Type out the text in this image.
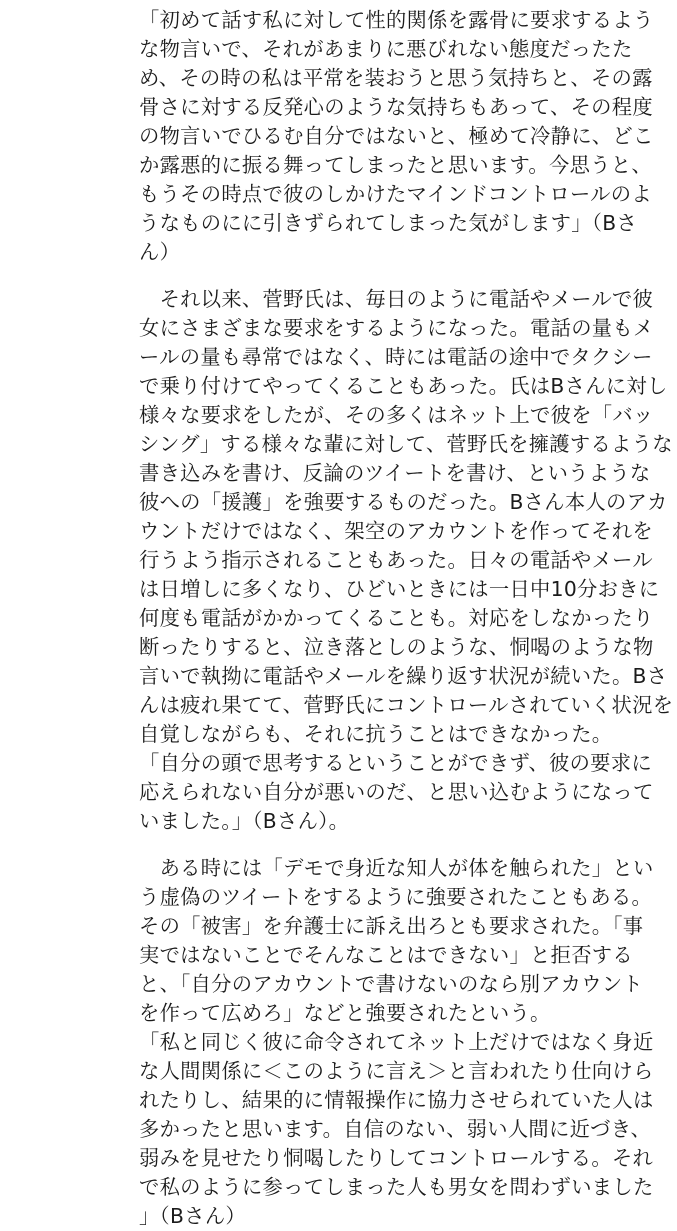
「初めて話す私に対して性的関係を露骨に要求するよう
な物言いで、それがあまりに悪びれない態度だったた
め、その時の私は平常を装おうと思う気持ちと、その露
骨さに対する反発心のような気持ちもあって、その程度
の物言いでひるむ自分ではないと、極めて冷静に、どこ
か露悪的に振る舞ってしまったと思います。今思うと、
もうその時点で彼のしかけたマインドコントロールのよ
うなものにに引きずられてしまった気がします」（Bさ
ん）
　それ以来、菅野氏は、毎日のように電話やメールで彼
女にさまざまな要求をするようになった。電話の量もメ
ールの量も尋常ではなく、時には電話の途中でタクシー
で乗り付けてやってくることもあった。氏はBさんに対し
様々な要求をしたが、その多くはネット上で彼を「バッ
シング」する様々な輩に対して、菅野氏を擁護するような
書き込みを書け、反論のツイートを書け、というような
彼への「援護」を強要するものだった。Bさん本人のアカ
ウントだけではなく、架空のアカウントを作ってそれを
行うよう指示されることもあった。日々の電話やメール
は日増しに多くなり、ひどいときには一日中10分おきに
何度も電話がかかってくることも。対応をしなかったり
断ったりすると、泣き落としのような、恫喝のような物
言いで執拗に電話やメールを繰り返す状況が続いた。Bさ
んは疲れ果てて、菅野氏にコントロールされていく状況を
自覚しながらも、それに抗うことはできなかった。
「自分の頭で思考するということができず、彼の要求に
応えられない自分が悪いのだ、と思い込むようになって
いました。」（Bさん）。
　ある時には「デモで身近な知人が体を触られた」とい
う虚偽のツイートをするように強要されたこともある。
その「被害」を弁護士に訴え出ろとも要求された。「事
実ではないことでそんなことはできない」と拒否する
と、「自分のアカウントで書けないのなら別アカウント
を作って広めろ」などと強要されたという。
「私と同じく彼に命令されてネット上だけではなく身近
な人間関係に＜このように言え＞と言われたり仕向けら
れたりし、結果的に情報操作に協力させられていた人は
多かったと思います。自信のない、弱い人間に近づき、
弱みを見せたり恫喝したりしてコントロールする。それ
で私のように参ってしまった人も男女を問わずいました
」（Bさん）
